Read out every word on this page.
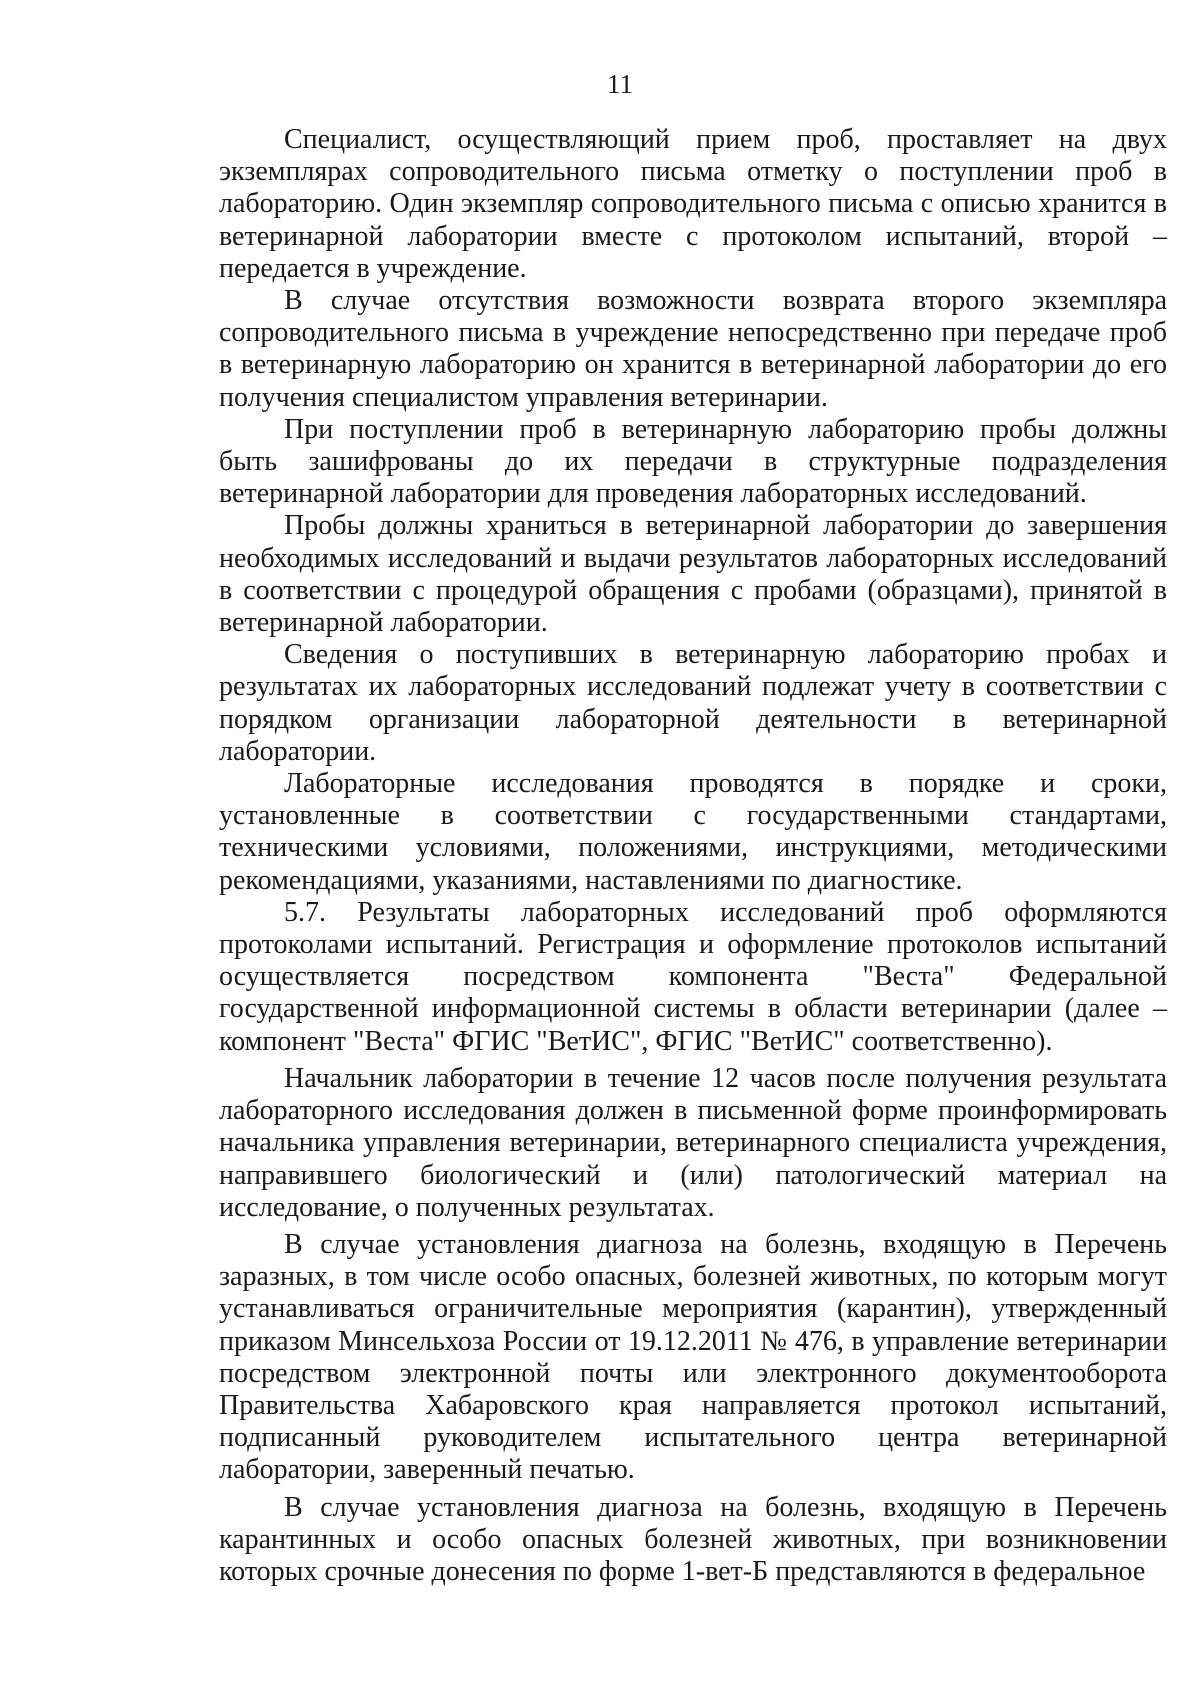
11

Специалист, осуществляющий прием проб, проставляет на двух экземплярах сопроводительного письма отметку о поступлении проб в лабораторию. Один экземпляр сопроводительного письма с описью хранится в ветеринарной лаборатории вместе с протоколом испытаний, второй – передается в учреждение.

В случае отсутствия возможности возврата второго экземпляра сопроводительного письма в учреждение непосредственно при передаче проб в ветеринарную лабораторию он хранится в ветеринарной лаборатории до его получения специалистом управления ветеринарии.

При поступлении проб в ветеринарную лабораторию пробы должны быть зашифрованы до их передачи в структурные подразделения ветеринарной лаборатории для проведения лабораторных исследований.

Пробы должны храниться в ветеринарной лаборатории до завершения необходимых исследований и выдачи результатов лабораторных исследований в соответствии с процедурой обращения с пробами (образцами), принятой в ветеринарной лаборатории.

Сведения о поступивших в ветеринарную лабораторию пробах и результатах их лабораторных исследований подлежат учету в соответствии с порядком организации лабораторной деятельности в ветеринарной лаборатории.

Лабораторные исследования проводятся в порядке и сроки, установленные в соответствии с государственными стандартами, техническими условиями, положениями, инструкциями, методическими рекомендациями, указаниями, наставлениями по диагностике.

5.7. Результаты лабораторных исследований проб оформляются протоколами испытаний. Регистрация и оформление протоколов испытаний осуществляется посредством компонента "Веста" Федеральной государственной информационной системы в области ветеринарии (далее – компонент "Веста" ФГИС "ВетИС", ФГИС "ВетИС" соответственно).

Начальник лаборатории в течение 12 часов после получения результата лабораторного исследования должен в письменной форме проинформировать начальника управления ветеринарии, ветеринарного специалиста учреждения, направившего биологический и (или) патологический материал на исследование, о полученных результатах.

В случае установления диагноза на болезнь, входящую в Перечень заразных, в том числе особо опасных, болезней животных, по которым могут устанавливаться ограничительные мероприятия (карантин), утвержденный приказом Минсельхоза России от 19.12.2011 № 476, в управление ветеринарии посредством электронной почты или электронного документооборота Правительства Хабаровского края направляется протокол испытаний, подписанный руководителем испытательного центра ветеринарной лаборатории, заверенный печатью.

В случае установления диагноза на болезнь, входящую в Перечень карантинных и особо опасных болезней животных, при возникновении которых срочные донесения по форме 1-вет-Б представляются в федеральное
